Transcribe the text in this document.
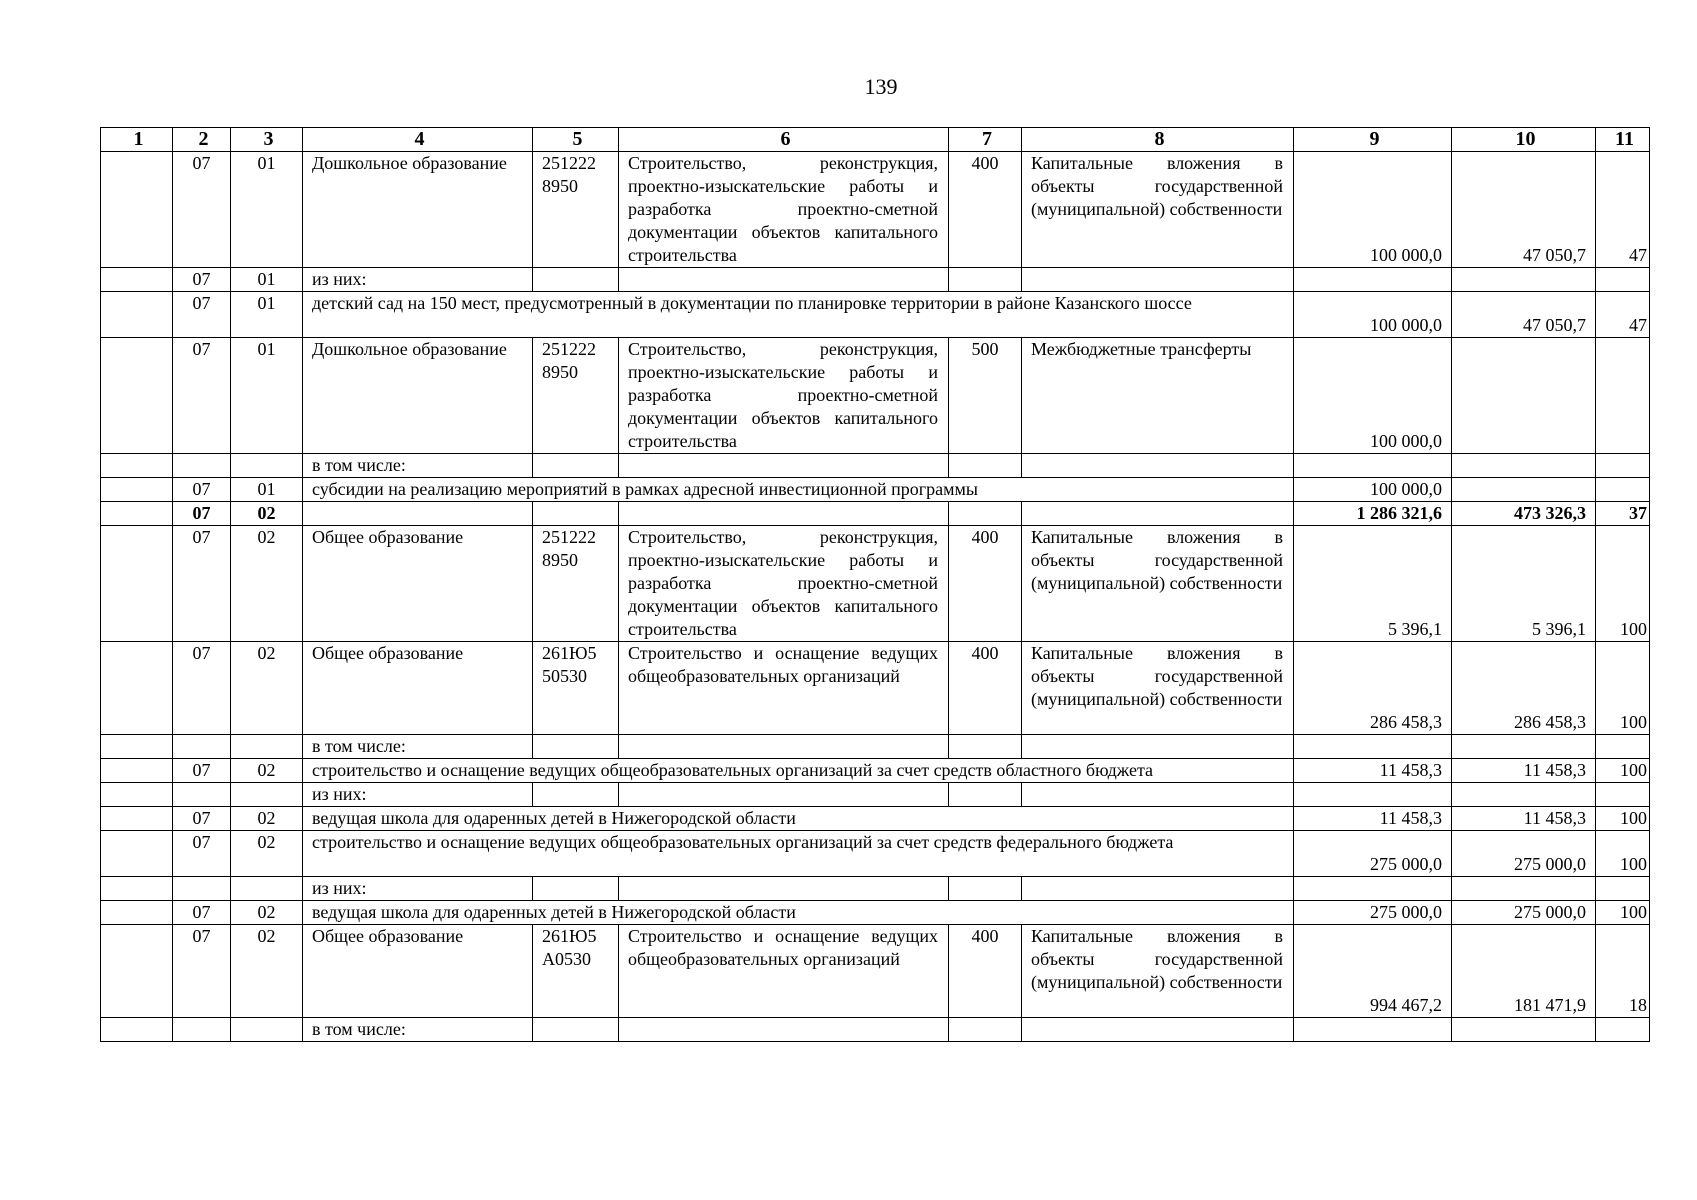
139
1	2	3	4	5	6	7	8	9	10	11
	07	01	Дошкольное образование	251222 8950	Строительство, реконструкция, проектно-изыскательские работы и разработка проектно-сметной документации объектов капитального строительства	400	Капитальные вложения в объекты государственной (муниципальной) собственности	100 000,0	47 050,7	47
	07	01	из них:							
	07	01	детский сад на 150 мест, предусмотренный в документации по планировке территории в районе Казанского шоссе					100 000,0	47 050,7	47
	07	01	Дошкольное образование	251222 8950	Строительство, реконструкция, проектно-изыскательские работы и разработка проектно-сметной документации объектов капитального строительства	500	Межбюджетные трансферты	100 000,0		
			в том числе:							
	07	01	субсидии на реализацию мероприятий в рамках адресной инвестиционной программы					100 000,0		
	07	02						1 286 321,6	473 326,3	37
	07	02	Общее образование	251222 8950	Строительство, реконструкция, проектно-изыскательские работы и разработка проектно-сметной документации объектов капитального строительства	400	Капитальные вложения в объекты государственной (муниципальной) собственности	5 396,1	5 396,1	100
	07	02	Общее образование	261Ю5 50530	Строительство и оснащение ведущих общеобразовательных организаций	400	Капитальные вложения в объекты государственной (муниципальной) собственности	286 458,3	286 458,3	100
			в том числе:							
	07	02	строительство и оснащение ведущих общеобразовательных организаций за счет средств областного бюджета					11 458,3	11 458,3	100
			из них:							
	07	02	ведущая школа для одаренных детей в Нижегородской области					11 458,3	11 458,3	100
	07	02	строительство и оснащение ведущих общеобразовательных организаций за счет средств федерального бюджета					275 000,0	275 000,0	100
			из них:							
	07	02	ведущая школа для одаренных детей в Нижегородской области					275 000,0	275 000,0	100
	07	02	Общее образование	261Ю5 А0530	Строительство и оснащение ведущих общеобразовательных организаций	400	Капитальные вложения в объекты государственной (муниципальной) собственности	994 467,2	181 471,9	18
			в том числе:							
